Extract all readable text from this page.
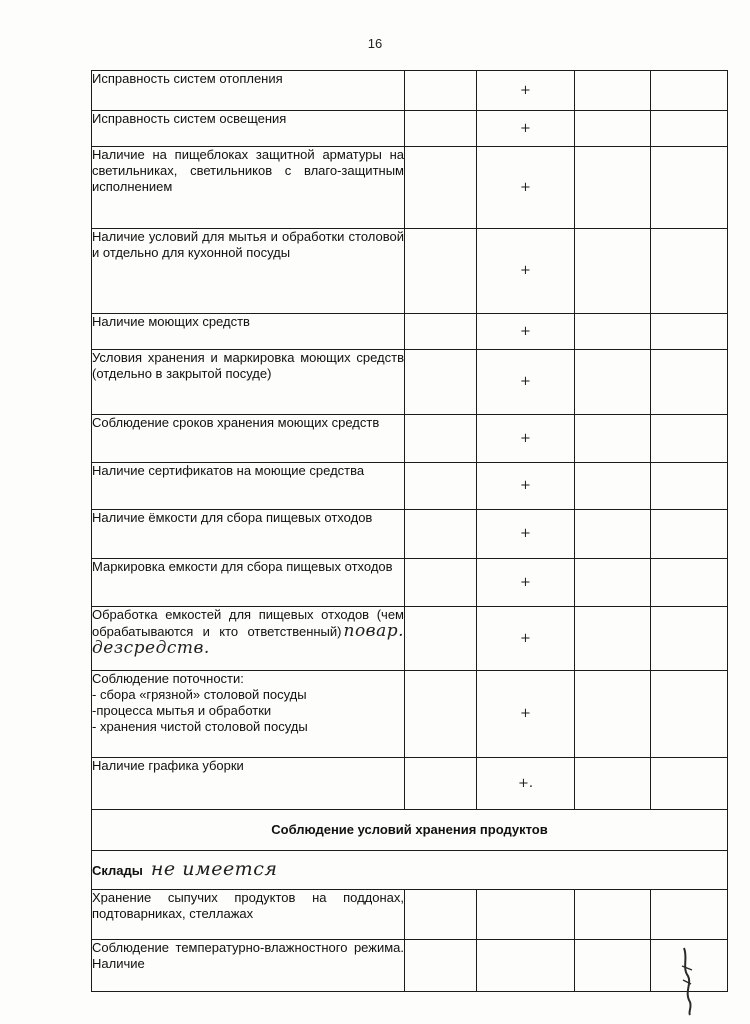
16
Исправность систем отопления		+		

Исправность систем освещения		+		

Наличие на пищеблоках защитной арматуры на светильниках, светильников с влаго-защитным исполнением		+		

Наличие условий для мытья и обработки столовой и отдельно для кухонной посуды		+		

Наличие моющих средств		+		

Условия хранения и маркировка моющих средств (отдельно в закрытой посуде)		+		

Соблюдение сроков хранения моющих средств		+		

Наличие сертификатов на моющие средства		+		

Наличие ёмкости для сбора пищевых отходов		+		

Маркировка емкости для сбора пищевых отходов		+		
Обработка емкостей для пищевых отходов (чем обрабатываются и кто ответственный) повар. дезсредств.		+		

Соблюдение поточности:
- сбора «грязной» столовой посуды
-процесса мытья и обработки
- хранения чистой столовой посуды		+		

Наличие графика уборки		+.		
Соблюдение условий хранения продуктов				
Склады не имеется				

Хранение сыпучих продуктов на поддонах, подтоварниках, стеллажах				

Соблюдение температурно-влажностного режима. Наличие				
